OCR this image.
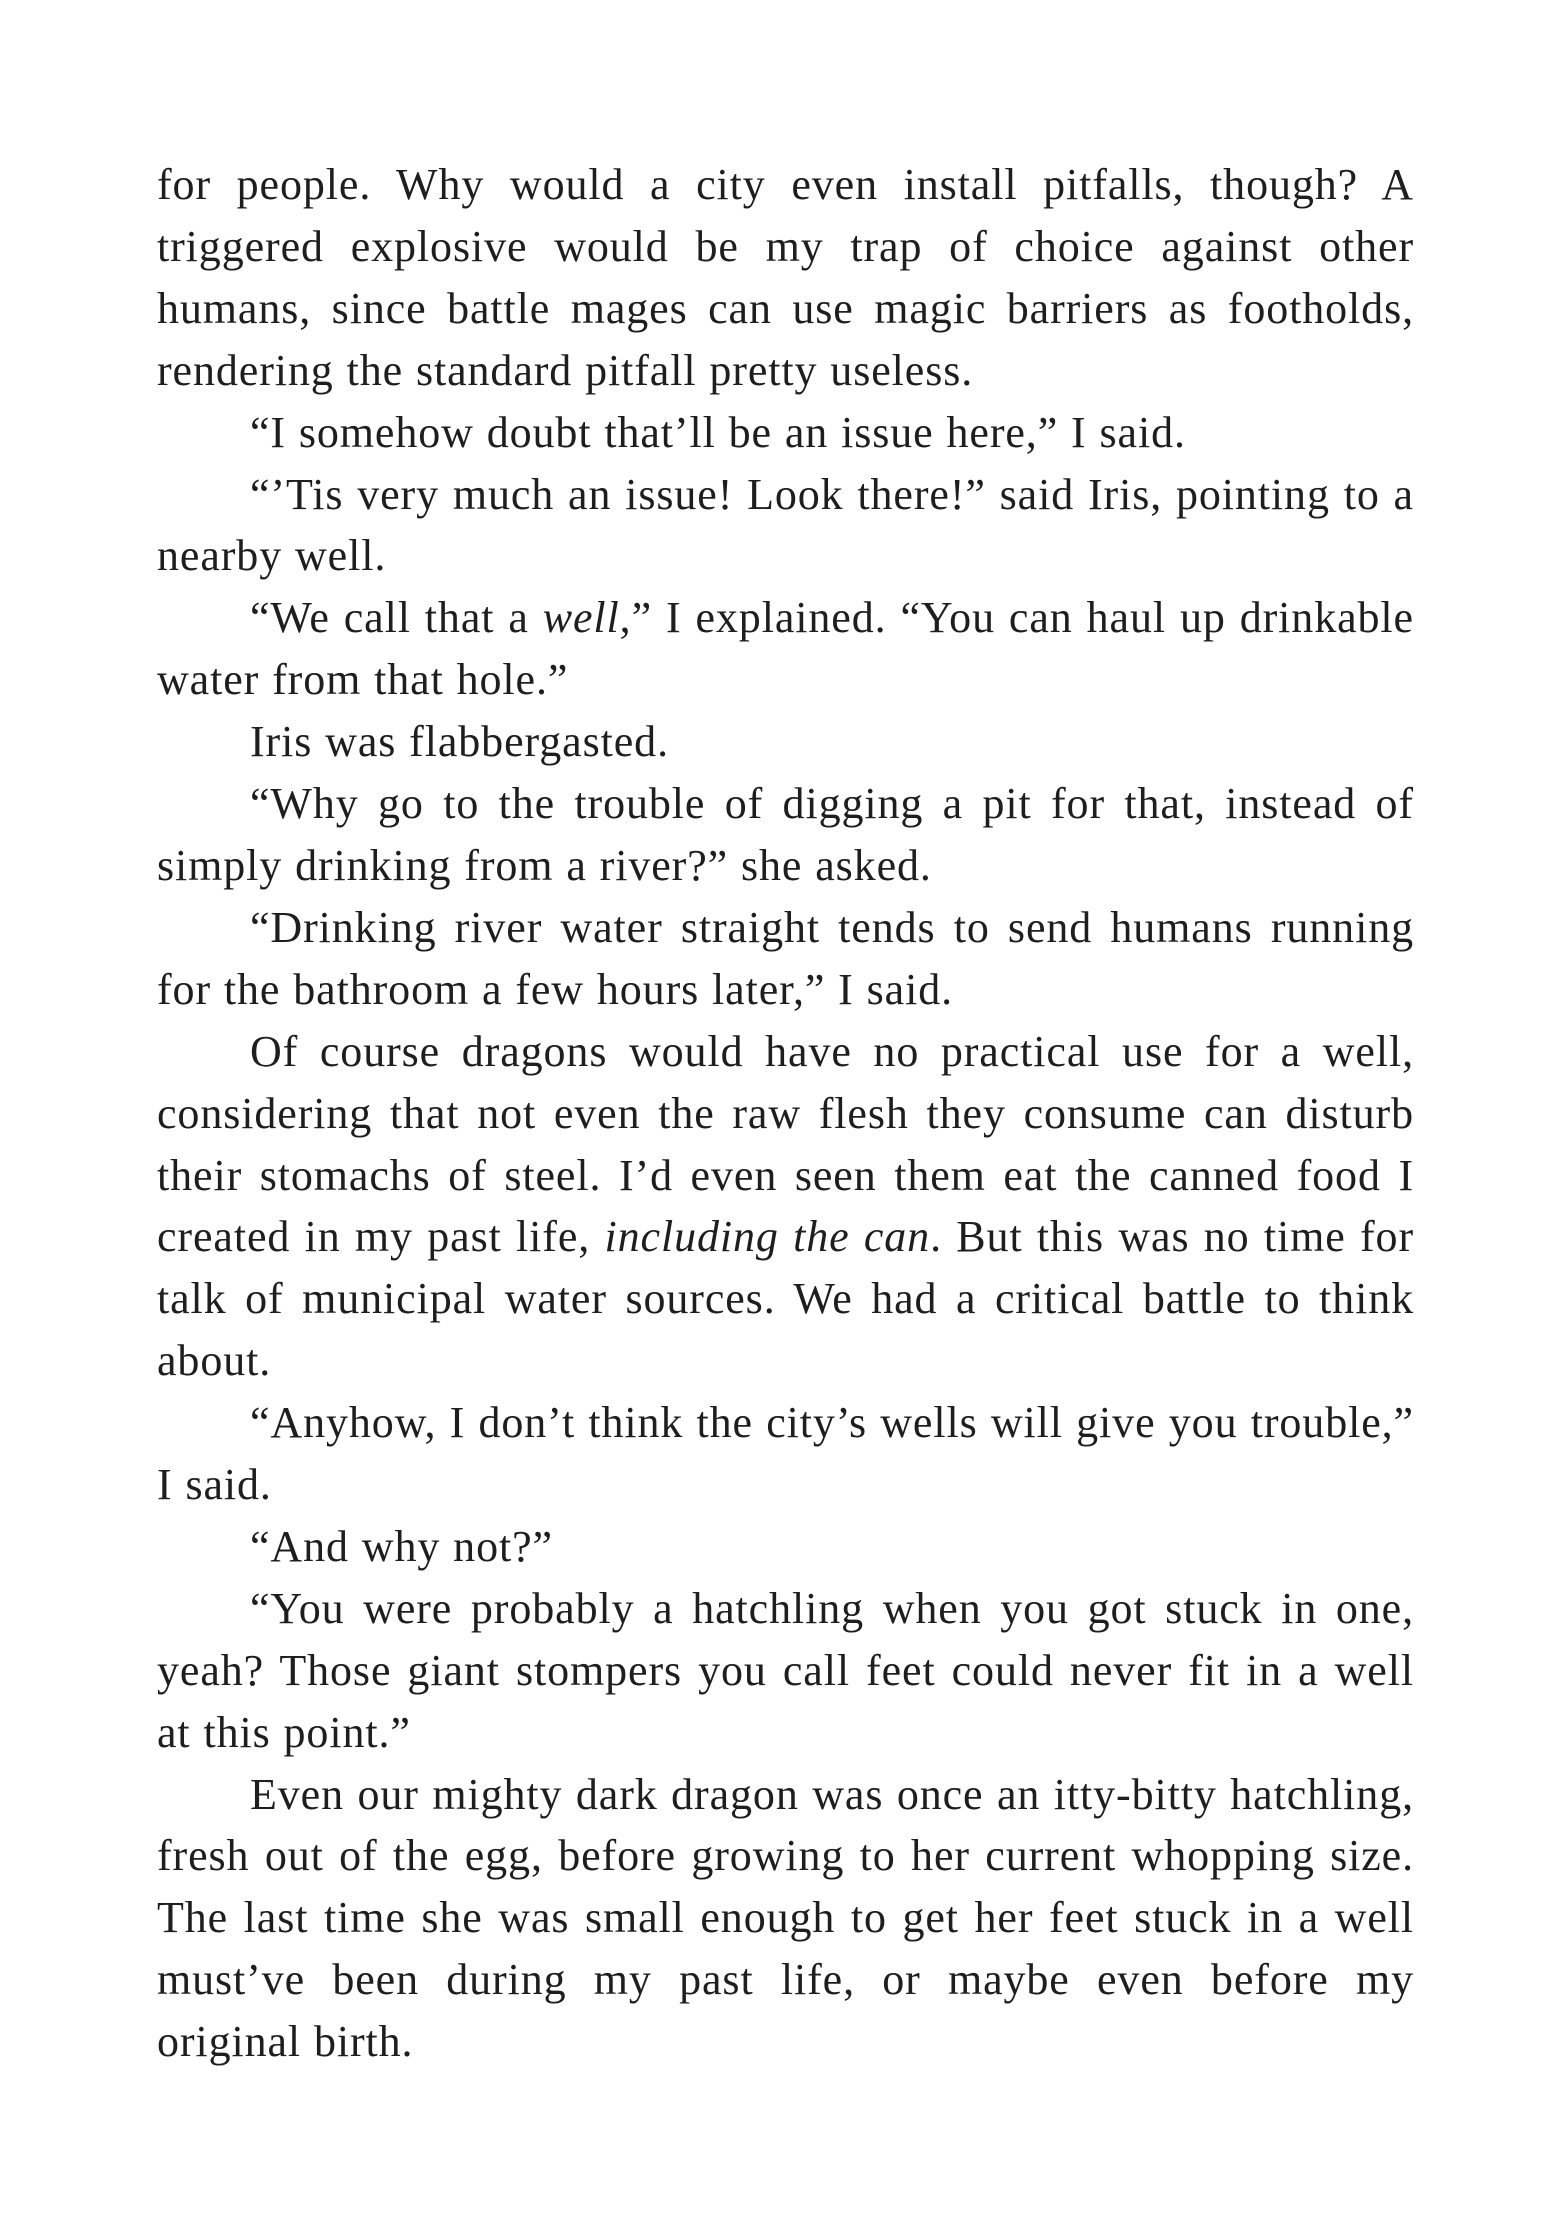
for people. Why would a city even install pitfalls, though? A triggered explosive would be my trap of choice against other humans, since battle mages can use magic barriers as footholds, rendering the standard pitfall pretty useless.

“I somehow doubt that’ll be an issue here,” I said.

“’Tis very much an issue! Look there!” said Iris, pointing to a nearby well.

“We call that a well,” I explained. “You can haul up drinkable water from that hole.”

Iris was flabbergasted.

“Why go to the trouble of digging a pit for that, instead of simply drinking from a river?” she asked.

“Drinking river water straight tends to send humans running for the bathroom a few hours later,” I said.

Of course dragons would have no practical use for a well, considering that not even the raw flesh they consume can disturb their stomachs of steel. I’d even seen them eat the canned food I created in my past life, including the can. But this was no time for talk of municipal water sources. We had a critical battle to think about.

“Anyhow, I don’t think the city’s wells will give you trouble,” I said.

“And why not?”

“You were probably a hatchling when you got stuck in one, yeah? Those giant stompers you call feet could never fit in a well at this point.”

Even our mighty dark dragon was once an itty-bitty hatchling, fresh out of the egg, before growing to her current whopping size. The last time she was small enough to get her feet stuck in a well must’ve been during my past life, or maybe even before my original birth.
